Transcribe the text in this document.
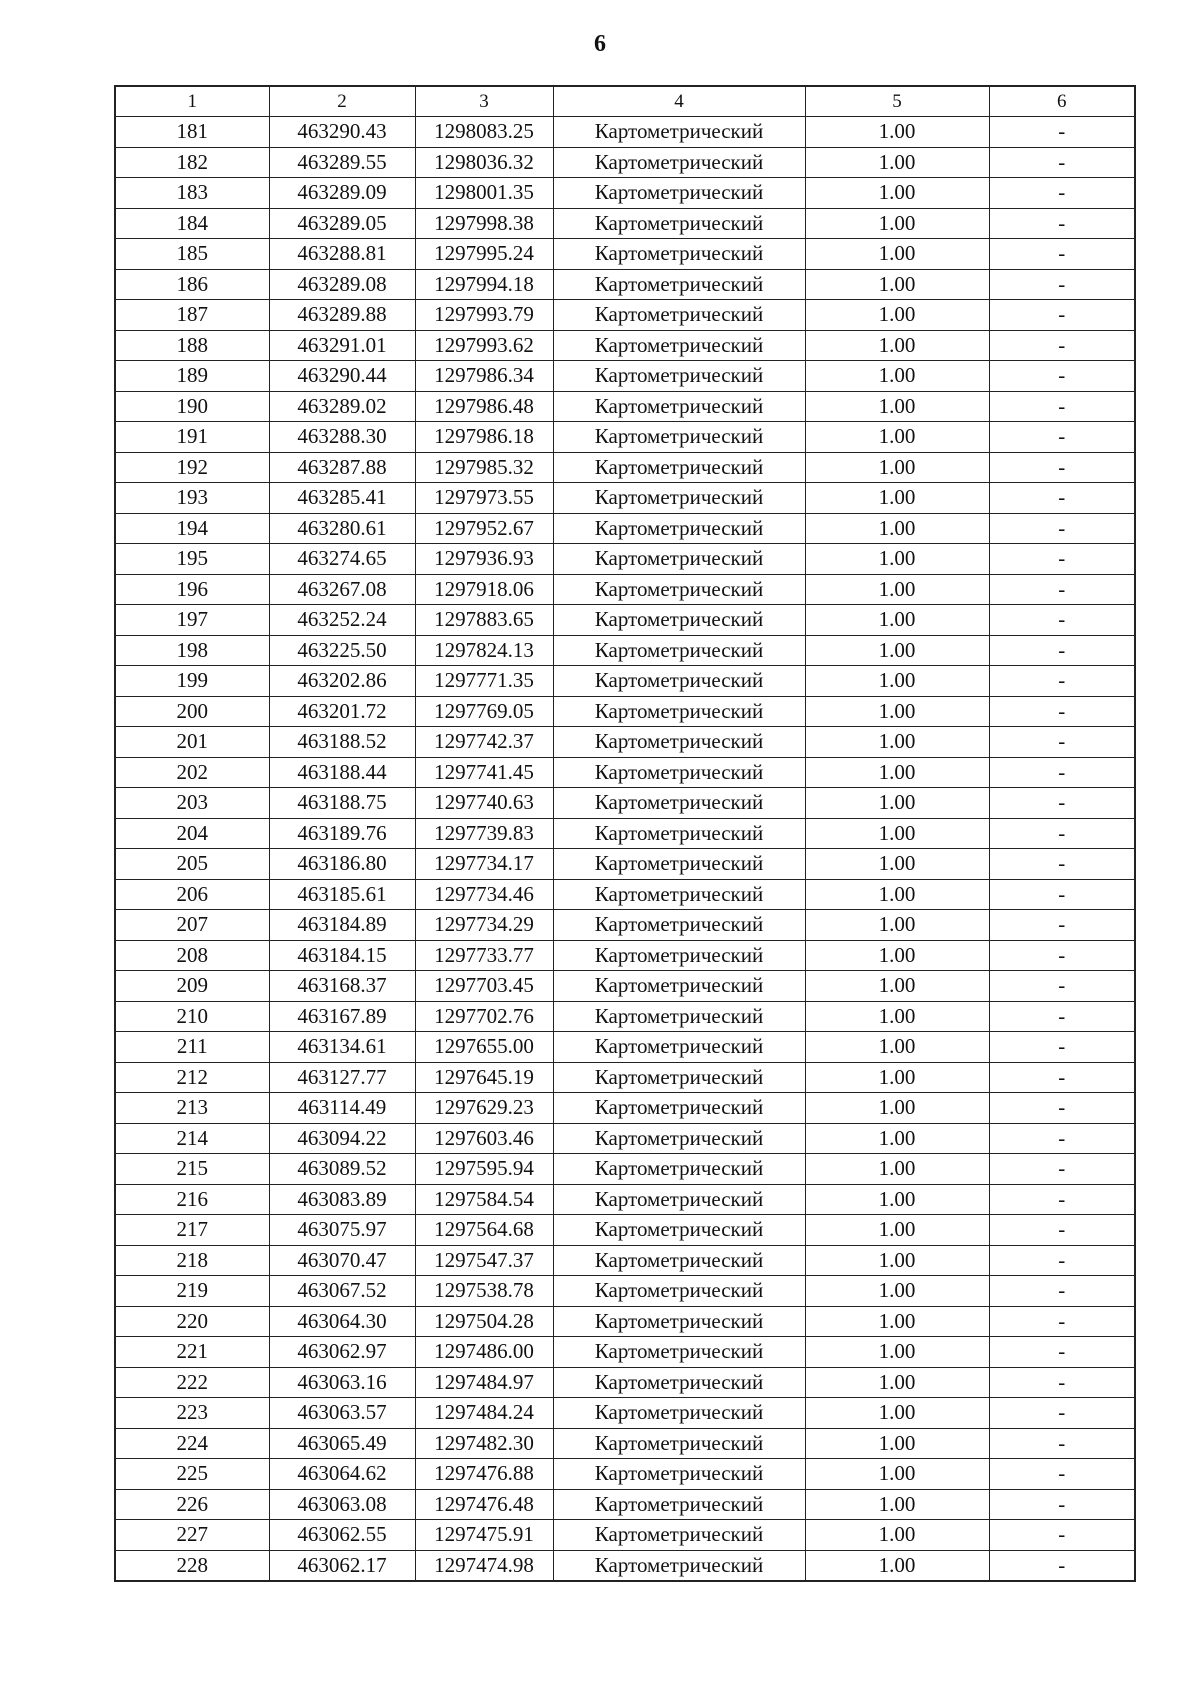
6
1	2	3	4	5	6
181	463290.43	1298083.25	Картометрический	1.00	-
182	463289.55	1298036.32	Картометрический	1.00	-
183	463289.09	1298001.35	Картометрический	1.00	-
184	463289.05	1297998.38	Картометрический	1.00	-
185	463288.81	1297995.24	Картометрический	1.00	-
186	463289.08	1297994.18	Картометрический	1.00	-
187	463289.88	1297993.79	Картометрический	1.00	-
188	463291.01	1297993.62	Картометрический	1.00	-
189	463290.44	1297986.34	Картометрический	1.00	-
190	463289.02	1297986.48	Картометрический	1.00	-
191	463288.30	1297986.18	Картометрический	1.00	-
192	463287.88	1297985.32	Картометрический	1.00	-
193	463285.41	1297973.55	Картометрический	1.00	-
194	463280.61	1297952.67	Картометрический	1.00	-
195	463274.65	1297936.93	Картометрический	1.00	-
196	463267.08	1297918.06	Картометрический	1.00	-
197	463252.24	1297883.65	Картометрический	1.00	-
198	463225.50	1297824.13	Картометрический	1.00	-
199	463202.86	1297771.35	Картометрический	1.00	-
200	463201.72	1297769.05	Картометрический	1.00	-
201	463188.52	1297742.37	Картометрический	1.00	-
202	463188.44	1297741.45	Картометрический	1.00	-
203	463188.75	1297740.63	Картометрический	1.00	-
204	463189.76	1297739.83	Картометрический	1.00	-
205	463186.80	1297734.17	Картометрический	1.00	-
206	463185.61	1297734.46	Картометрический	1.00	-
207	463184.89	1297734.29	Картометрический	1.00	-
208	463184.15	1297733.77	Картометрический	1.00	-
209	463168.37	1297703.45	Картометрический	1.00	-
210	463167.89	1297702.76	Картометрический	1.00	-
211	463134.61	1297655.00	Картометрический	1.00	-
212	463127.77	1297645.19	Картометрический	1.00	-
213	463114.49	1297629.23	Картометрический	1.00	-
214	463094.22	1297603.46	Картометрический	1.00	-
215	463089.52	1297595.94	Картометрический	1.00	-
216	463083.89	1297584.54	Картометрический	1.00	-
217	463075.97	1297564.68	Картометрический	1.00	-
218	463070.47	1297547.37	Картометрический	1.00	-
219	463067.52	1297538.78	Картометрический	1.00	-
220	463064.30	1297504.28	Картометрический	1.00	-
221	463062.97	1297486.00	Картометрический	1.00	-
222	463063.16	1297484.97	Картометрический	1.00	-
223	463063.57	1297484.24	Картометрический	1.00	-
224	463065.49	1297482.30	Картометрический	1.00	-
225	463064.62	1297476.88	Картометрический	1.00	-
226	463063.08	1297476.48	Картометрический	1.00	-
227	463062.55	1297475.91	Картометрический	1.00	-
228	463062.17	1297474.98	Картометрический	1.00	-
